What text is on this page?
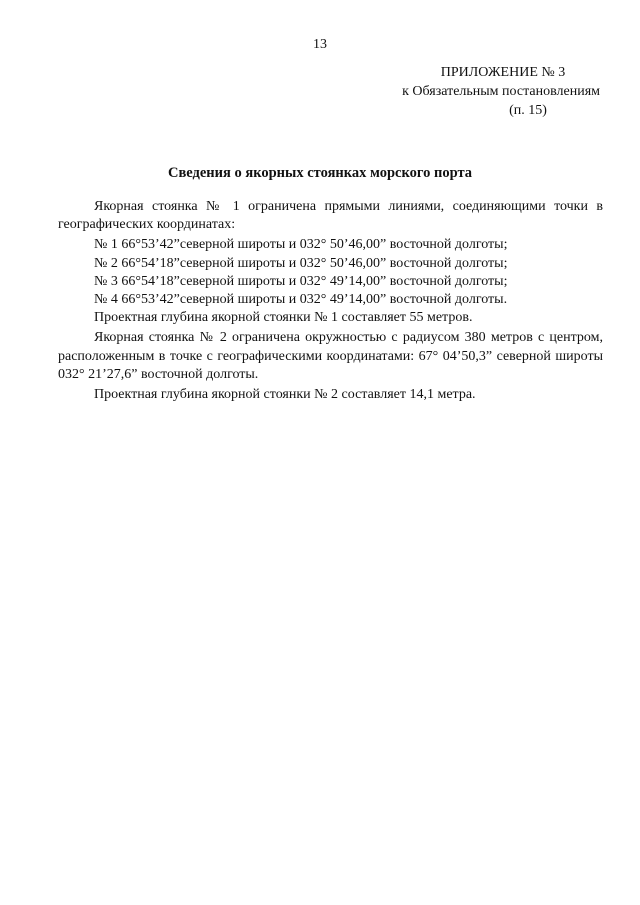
13
ПРИЛОЖЕНИЕ № 3
к Обязательным постановлениям
(п. 15)
Сведения о якорных стоянках морского порта

Якорная стоянка № 1 ограничена прямыми линиями, соединяющими точки в географических координатах:

№ 1 66°53’42”северной широты и 032° 50’46,00” восточной долготы;

№ 2 66°54’18”северной широты и 032° 50’46,00” восточной долготы;

№ 3 66°54’18”северной широты и 032° 49’14,00” восточной долготы;

№ 4 66°53’42”северной широты и 032° 49’14,00” восточной долготы.

Проектная глубина якорной стоянки № 1 составляет 55 метров.

Якорная стоянка № 2 ограничена окружностью с радиусом 380 метров с центром, расположенным в точке с географическими координатами: 67° 04’50,3” северной широты 032° 21’27,6” восточной долготы.

Проектная глубина якорной стоянки № 2 составляет 14,1 метра.
